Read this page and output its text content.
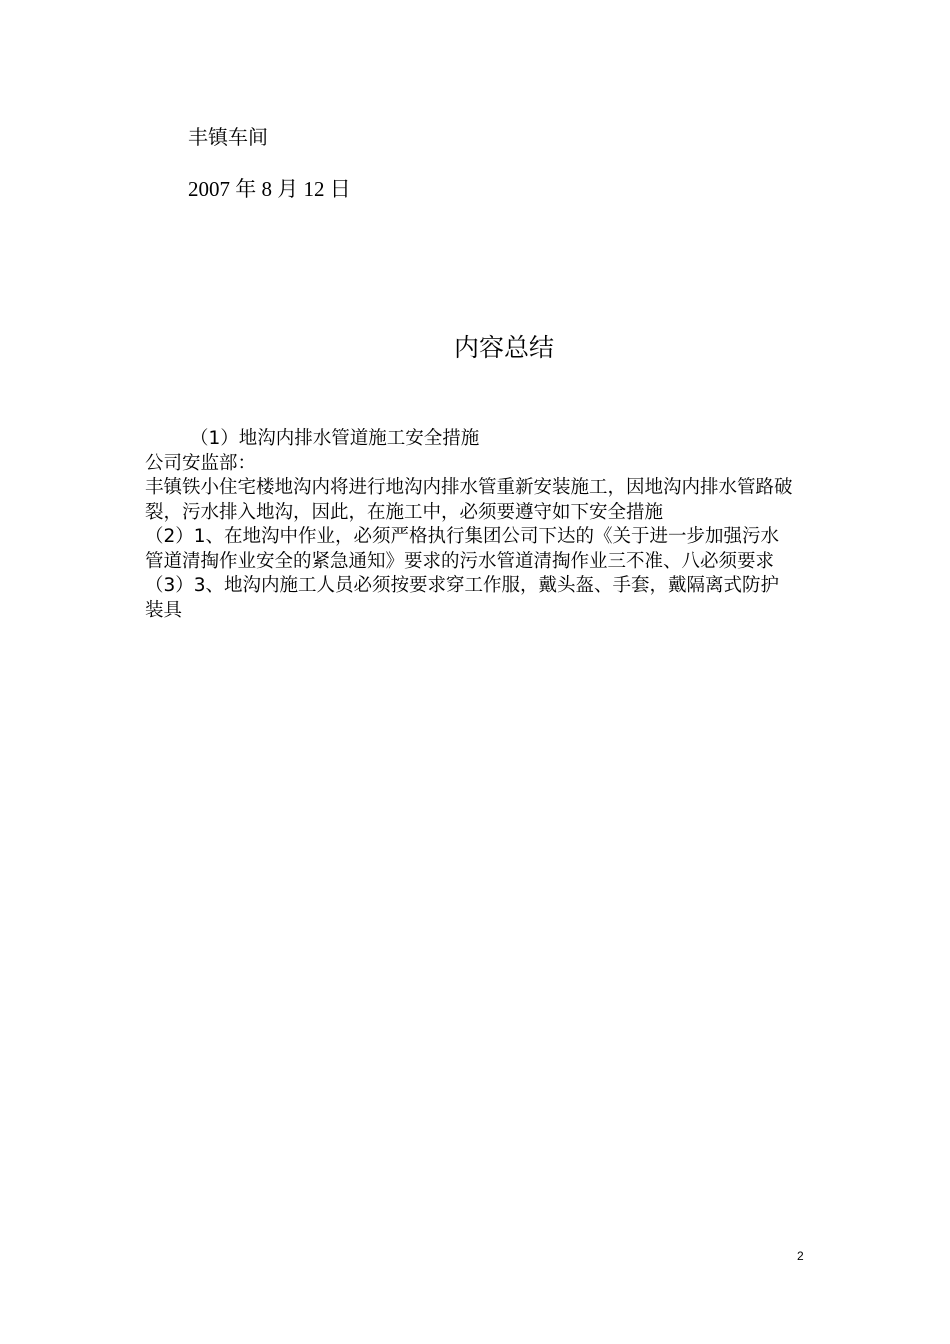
丰镇车间
2007 年 8 月 12 日
内容总结

（1）地沟内排水管道施工安全措施

公司安监部：

丰镇铁小住宅楼地沟内将进行地沟内排水管重新安装施工，因地沟内排水管路破裂，污水排入地沟，因此，在施工中，必须要遵守如下安全措施

（2）1、在地沟中作业，必须严格执行集团公司下达的《关于进一步加强污水管道清掏作业安全的紧急通知》要求的污水管道清掏作业三不准、八必须要求

（3）3、地沟内施工人员必须按要求穿工作服，戴头盔、手套，戴隔离式防护装具

2
